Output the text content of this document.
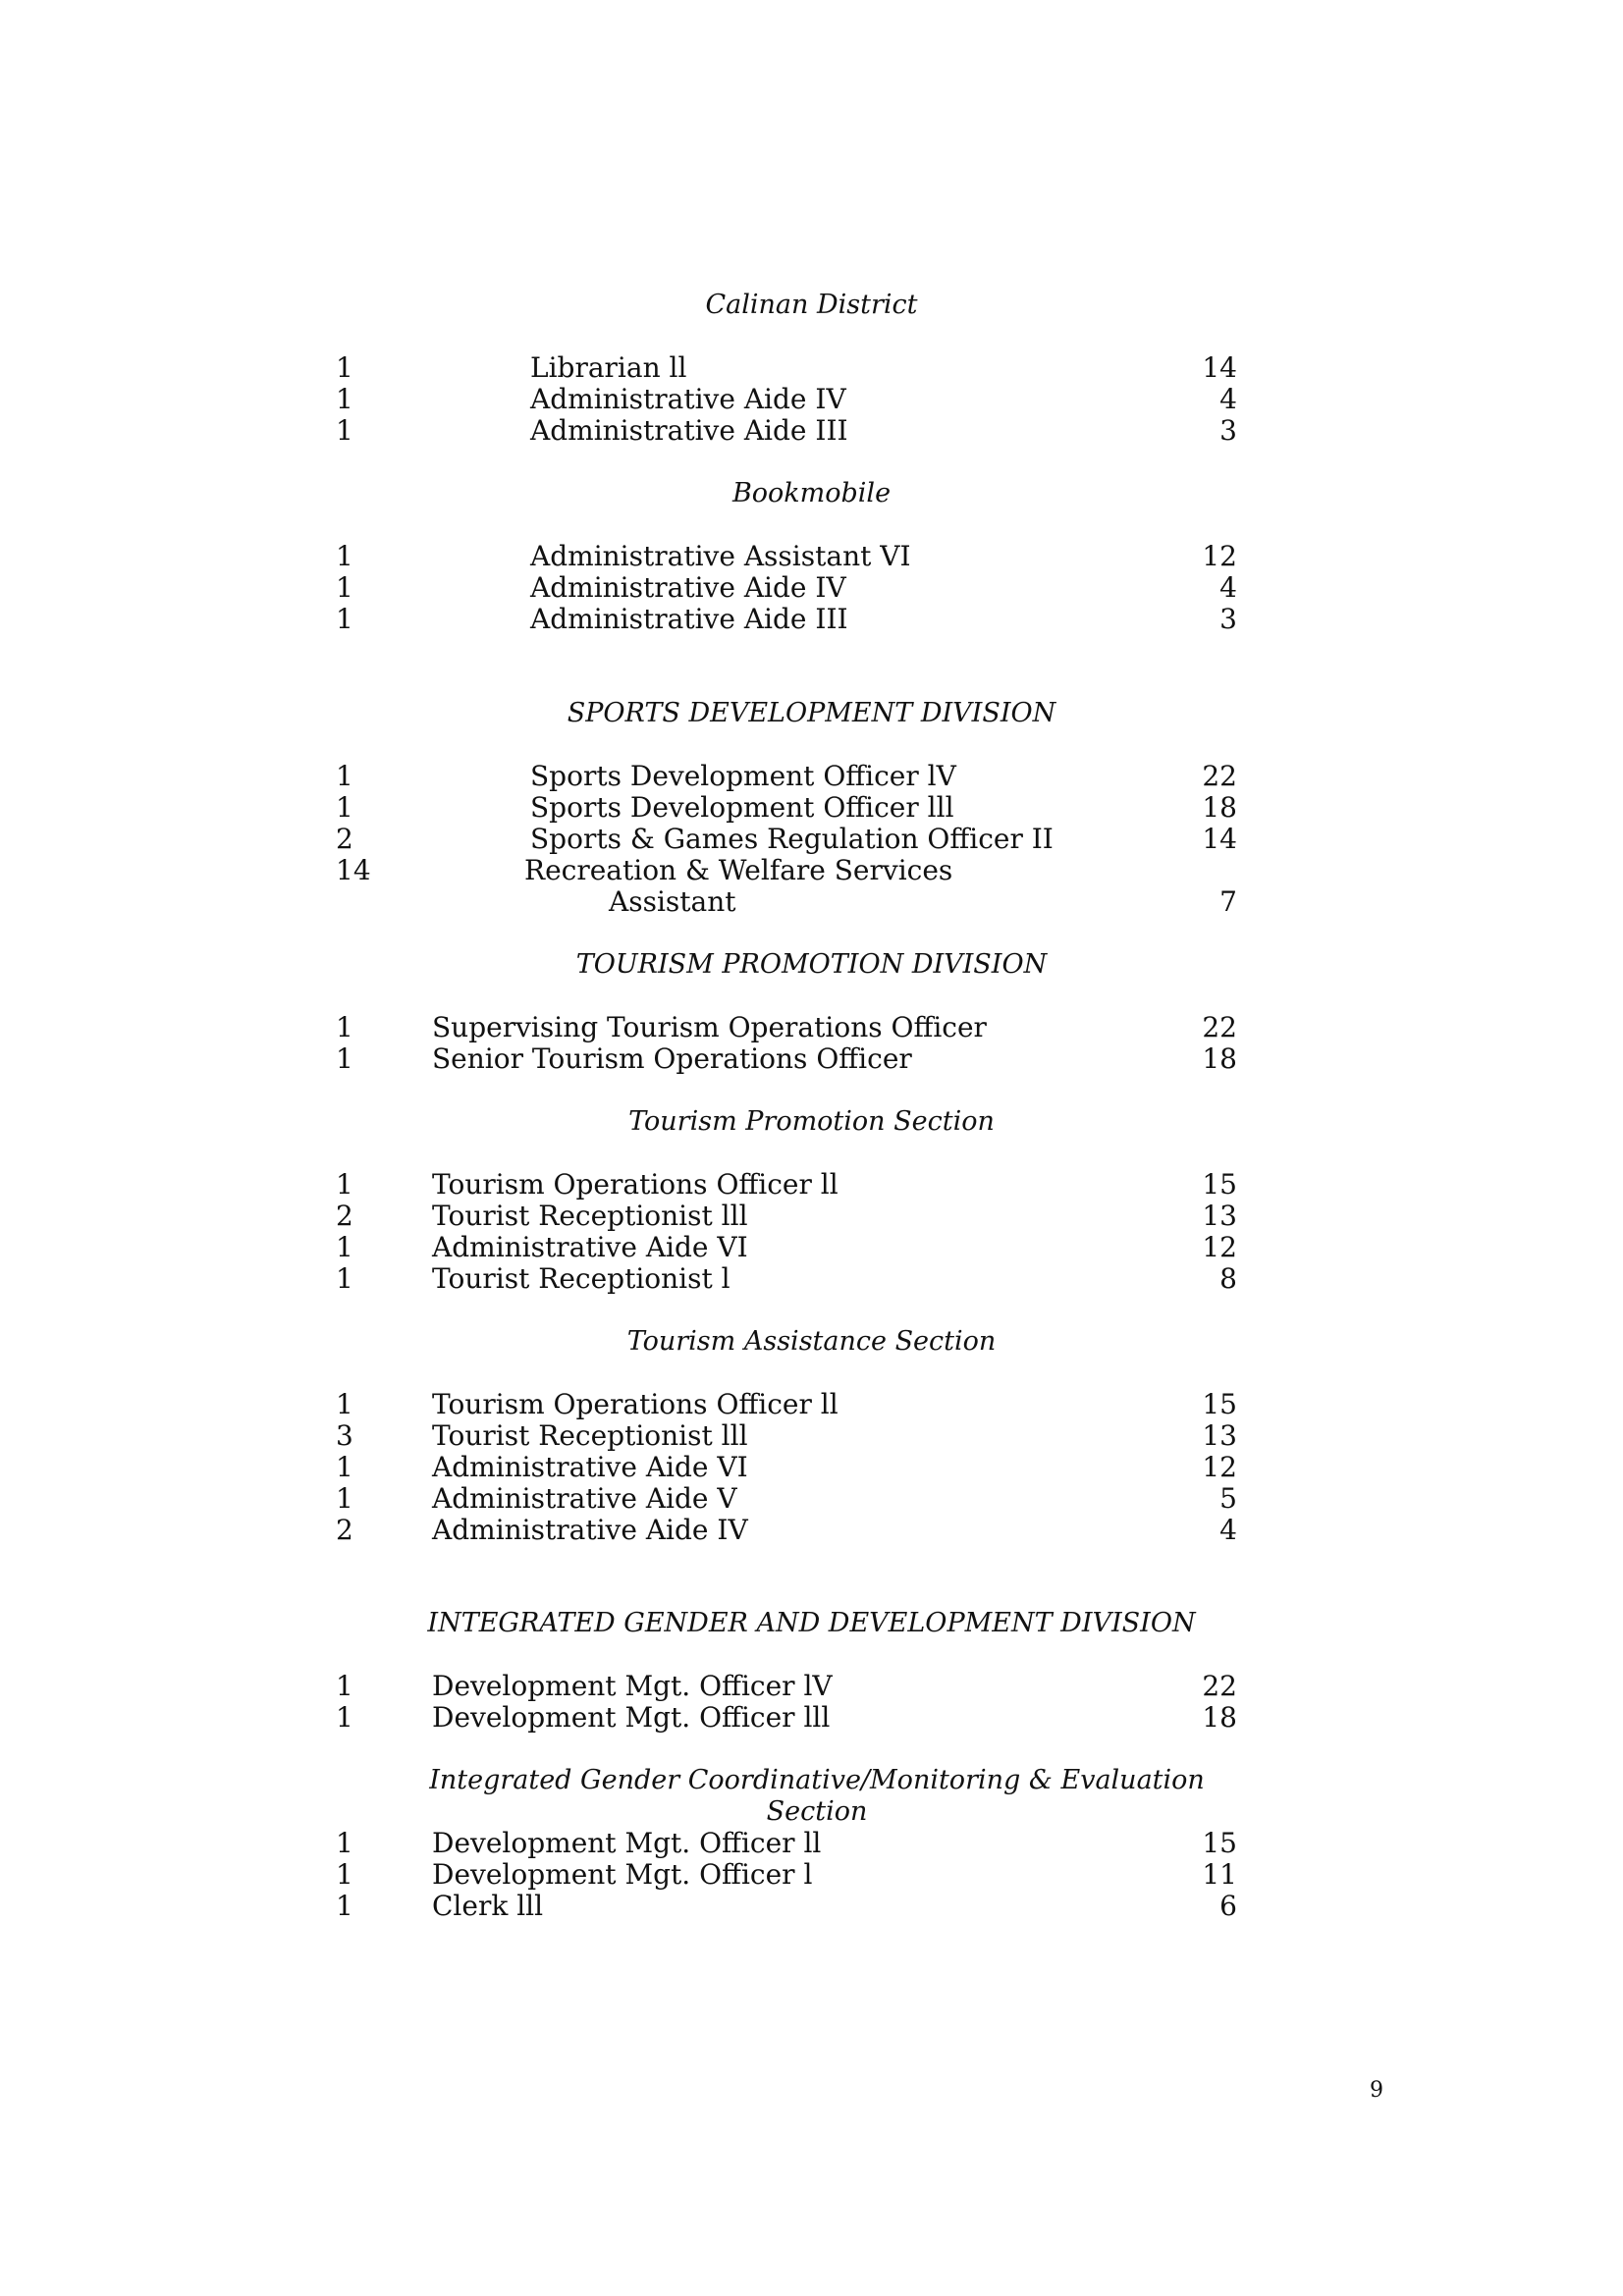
Calinan District
1	Librarian ll	14
1	Administrative Aide IV	4
1	Administrative Aide III	3
Bookmobile
1	Administrative Assistant VI	12
1	Administrative Aide IV	4
1	Administrative Aide III	3
SPORTS DEVELOPMENT DIVISION
1	Sports Development Officer lV	22
1	Sports Development Officer lll	18
2	Sports & Games Regulation Officer II	14
14	Recreation & Welfare Services
Assistant	7
TOURISM PROMOTION DIVISION
1	Supervising Tourism Operations Officer	22
1	Senior Tourism Operations Officer	18
Tourism Promotion Section
1	Tourism Operations Officer ll	15
2	Tourist Receptionist lll	13
1	Administrative Aide VI	12
1	Tourist Receptionist l	8
Tourism Assistance Section
1	Tourism Operations Officer ll	15
3	Tourist Receptionist lll	13
1	Administrative Aide VI	12
1	Administrative Aide V	5
2	Administrative Aide IV	4
INTEGRATED GENDER AND DEVELOPMENT DIVISION
1	Development Mgt. Officer lV	22
1	Development Mgt. Officer lll	18
Integrated Gender Coordinative/Monitoring & Evaluation Section
1	Development Mgt. Officer ll	15
1	Development Mgt. Officer l	11
1	Clerk lll	6
9
